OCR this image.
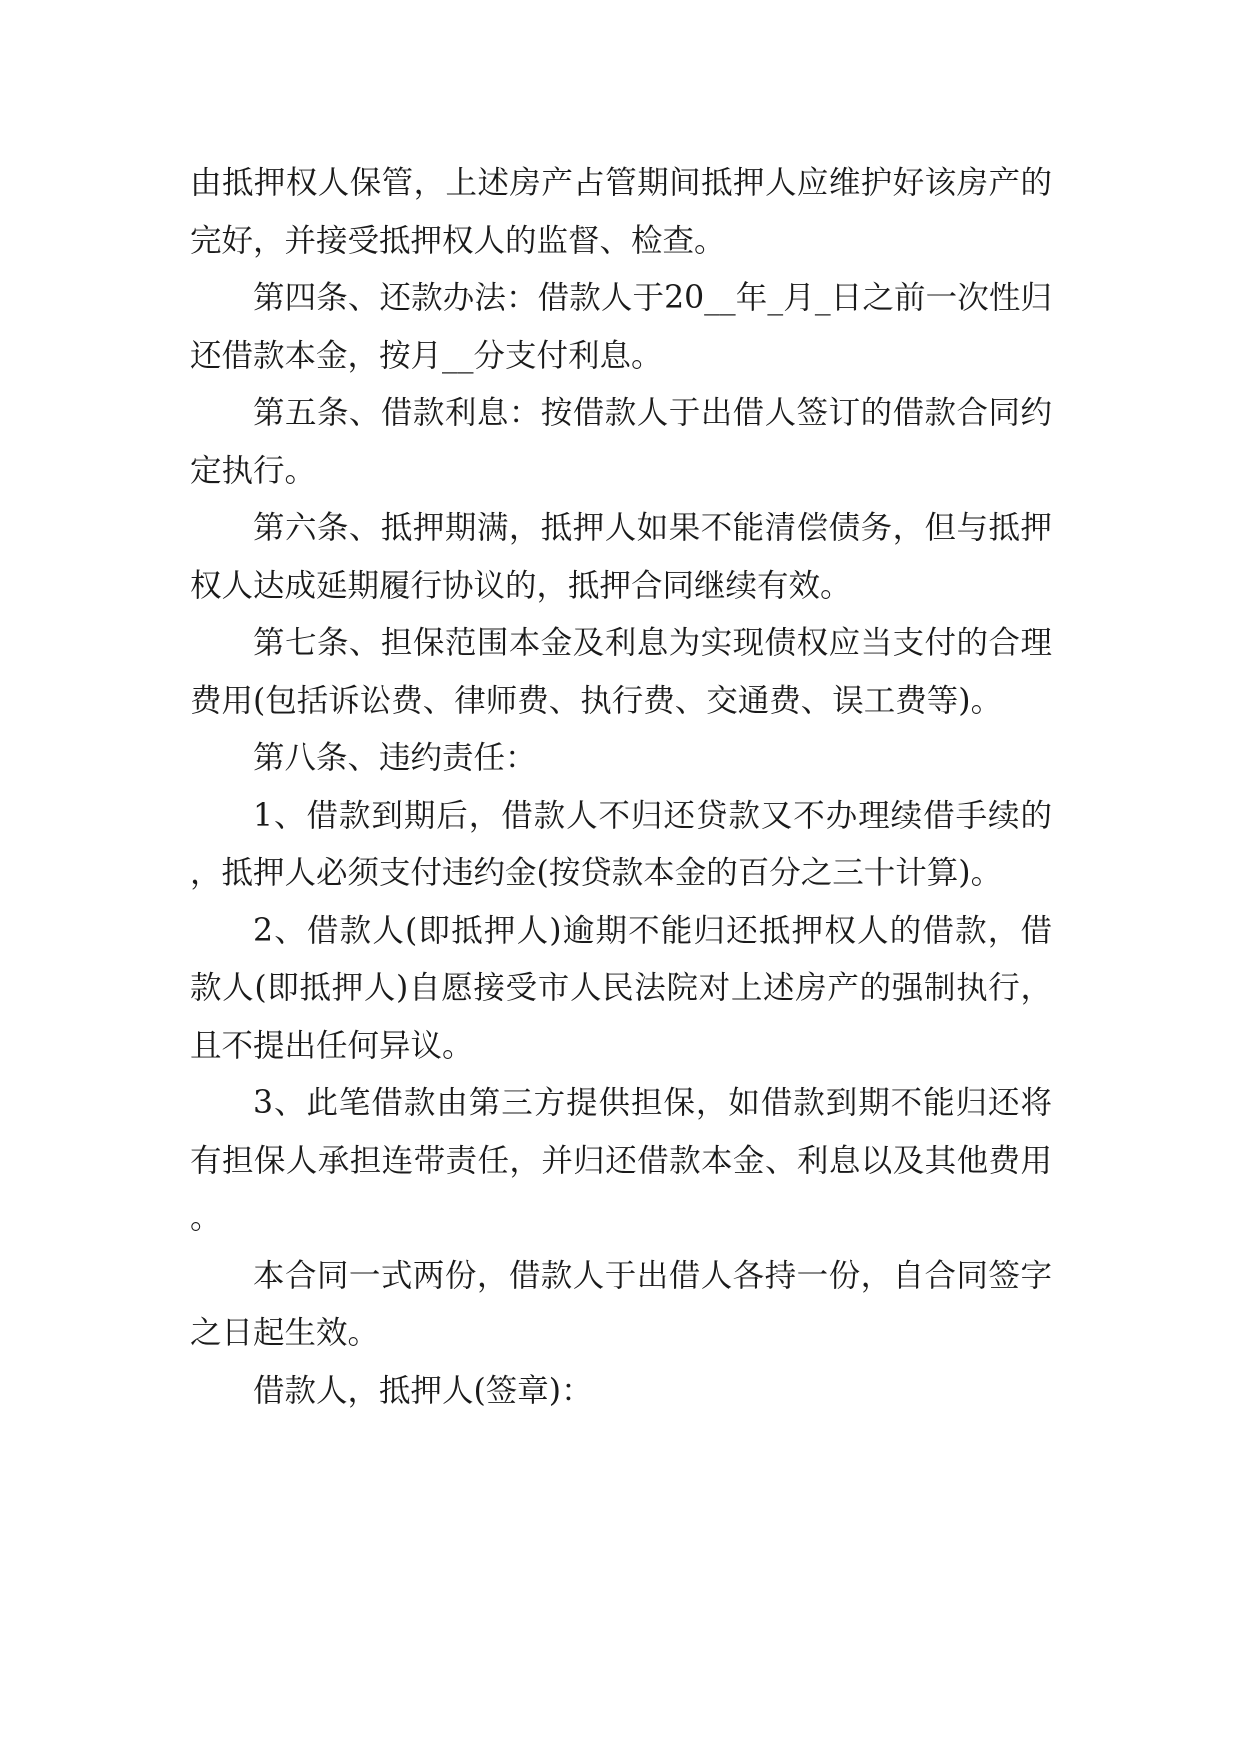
由抵押权人保管，上述房产占管期间抵押人应维护好该房产的完好，并接受抵押权人的监督、检查。

第四条、还款办法：借款人于20__年_月_日之前一次性归还借款本金，按月__分支付利息。

第五条、借款利息：按借款人于出借人签订的借款合同约定执行。

第六条、抵押期满，抵押人如果不能清偿债务，但与抵押权人达成延期履行协议的，抵押合同继续有效。

第七条、担保范围本金及利息为实现债权应当支付的合理费用(包括诉讼费、律师费、执行费、交通费、误工费等)。

第八条、违约责任：

1、借款到期后，借款人不归还贷款又不办理续借手续的，抵押人必须支付违约金(按贷款本金的百分之三十计算)。

2、借款人(即抵押人)逾期不能归还抵押权人的借款，借款人(即抵押人)自愿接受市人民法院对上述房产的强制执行，且不提出任何异议。

3、此笔借款由第三方提供担保，如借款到期不能归还将有担保人承担连带责任，并归还借款本金、利息以及其他费用。

本合同一式两份，借款人于出借人各持一份，自合同签字之日起生效。

借款人，抵押人(签章)：
